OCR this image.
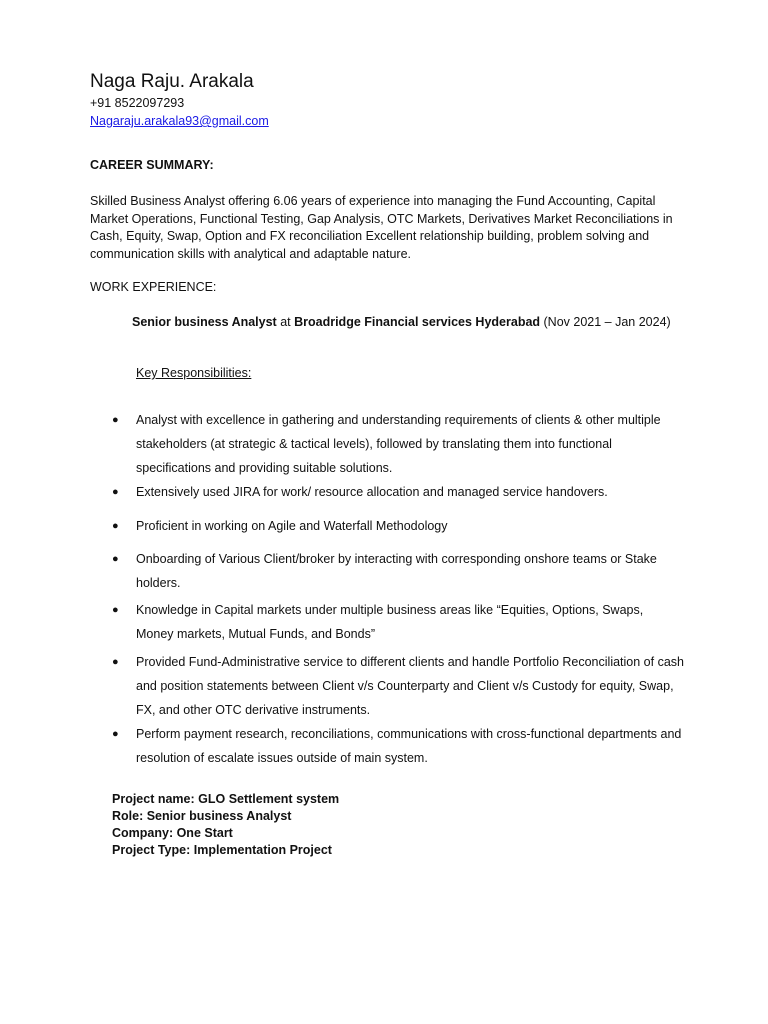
Naga Raju. Arakala
+91 8522097293
Nagaraju.arakala93@gmail.com
CAREER SUMMARY:
Skilled Business Analyst offering 6.06 years of experience into managing the Fund Accounting, Capital Market Operations, Functional Testing, Gap Analysis, OTC Markets, Derivatives Market Reconciliations in Cash, Equity, Swap, Option and FX reconciliation Excellent relationship building, problem solving and communication skills with analytical and adaptable nature.
WORK EXPERIENCE:
Senior business Analyst at Broadridge Financial services Hyderabad (Nov 2021 – Jan 2024)
Key Responsibilities:
● Analyst with excellence in gathering and understanding requirements of clients & other multiple stakeholders (at strategic & tactical levels), followed by translating them into functional specifications and providing suitable solutions.
● Extensively used JIRA for work/ resource allocation and managed service handovers.
● Proficient in working on Agile and Waterfall Methodology
● Onboarding of Various Client/broker by interacting with corresponding onshore teams or Stake holders.
● Knowledge in Capital markets under multiple business areas like “Equities, Options, Swaps, Money markets, Mutual Funds, and Bonds”
● Provided Fund-Administrative service to different clients and handle Portfolio Reconciliation of cash and position statements between Client v/s Counterparty and Client v/s Custody for equity, Swap, FX, and other OTC derivative instruments.
● Perform payment research, reconciliations, communications with cross-functional departments and resolution of escalate issues outside of main system.
Project name: GLO Settlement system
Role: Senior business Analyst
Company: One Start
Project Type: Implementation Project
